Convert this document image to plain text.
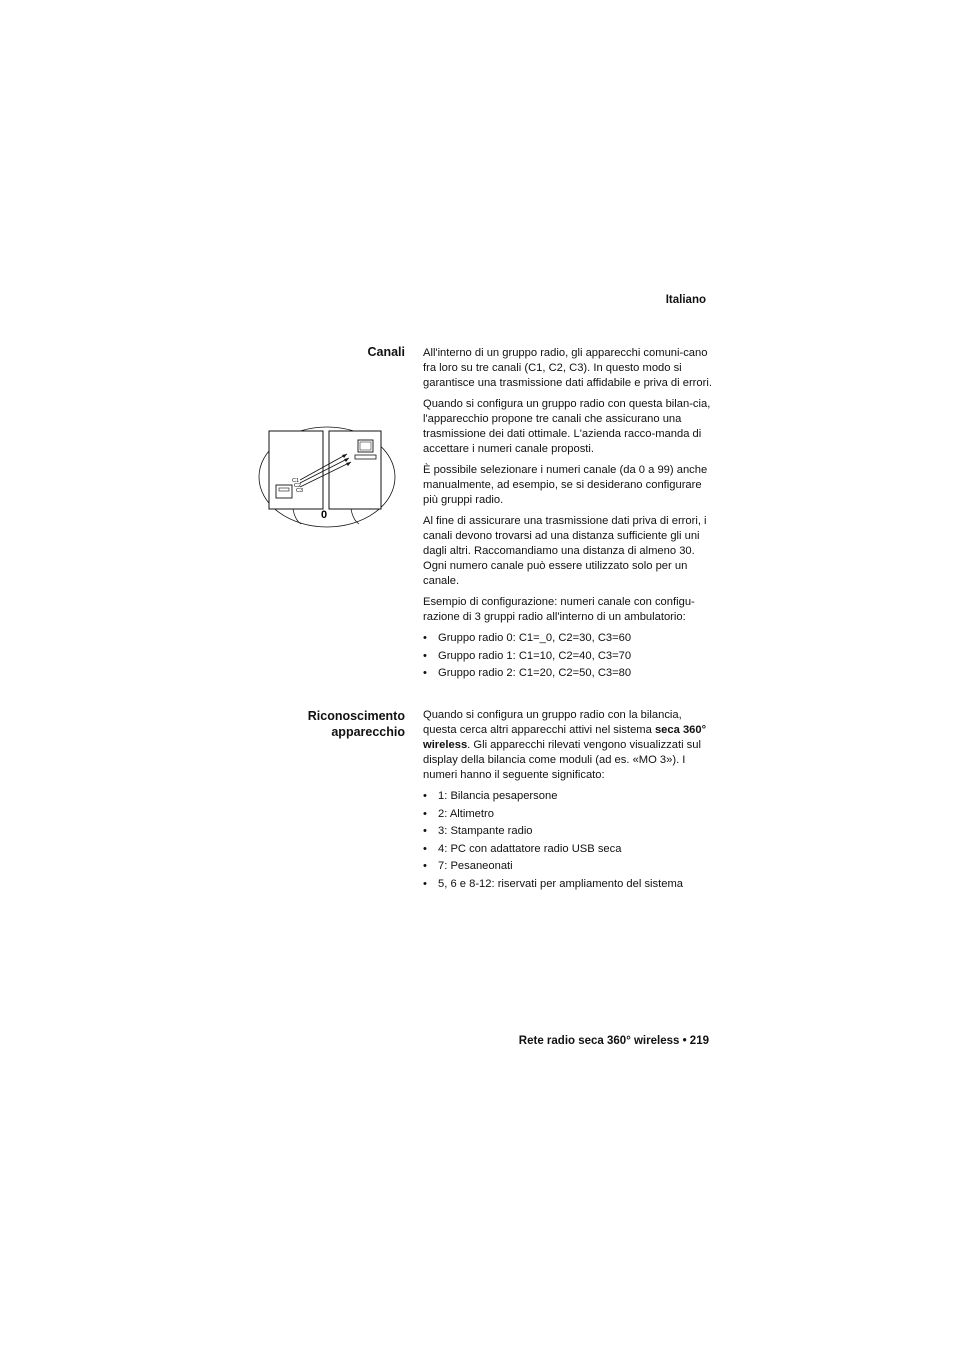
Italiano
Canali
C1
C2
C3
0

All'interno di un gruppo radio, gli apparecchi comuni-cano fra loro su tre canali (C1, C2, C3). In questo modo si garantisce una trasmissione dati affidabile e priva di errori.

Quando si configura un gruppo radio con questa bilan-cia, l'apparecchio propone tre canali che assicurano una trasmissione dei dati ottimale. L'azienda racco-manda di accettare i numeri canale proposti.

È possibile selezionare i numeri canale (da 0 a 99) anche manualmente, ad esempio, se si desiderano configurare più gruppi radio.

Al fine di assicurare una trasmissione dati priva di errori, i canali devono trovarsi ad una distanza sufficiente gli uni dagli altri. Raccomandiamo una distanza di almeno 30. Ogni numero canale può essere utilizzato solo per un canale.

Esempio di configurazione: numeri canale con configu-razione di 3 gruppi radio all'interno di un ambulatorio:

• Gruppo radio 0: C1=_0, C2=30, C3=60
• Gruppo radio 1: C1=10, C2=40, C3=70
• Gruppo radio 2: C1=20, C2=50, C3=80
Riconoscimento
apparecchio

Quando si configura un gruppo radio con la bilancia, questa cerca altri apparecchi attivi nel sistema seca 360° wireless. Gli apparecchi rilevati vengono visualizzati sul display della bilancia come moduli (ad es. «MO 3»). I numeri hanno il seguente significato:

• 1: Bilancia pesapersone
• 2: Altimetro
• 3: Stampante radio
• 4: PC con adattatore radio USB seca
• 7: Pesaneonati
• 5, 6 e 8-12: riservati per ampliamento del sistema
Rete radio seca 360° wireless • 219
